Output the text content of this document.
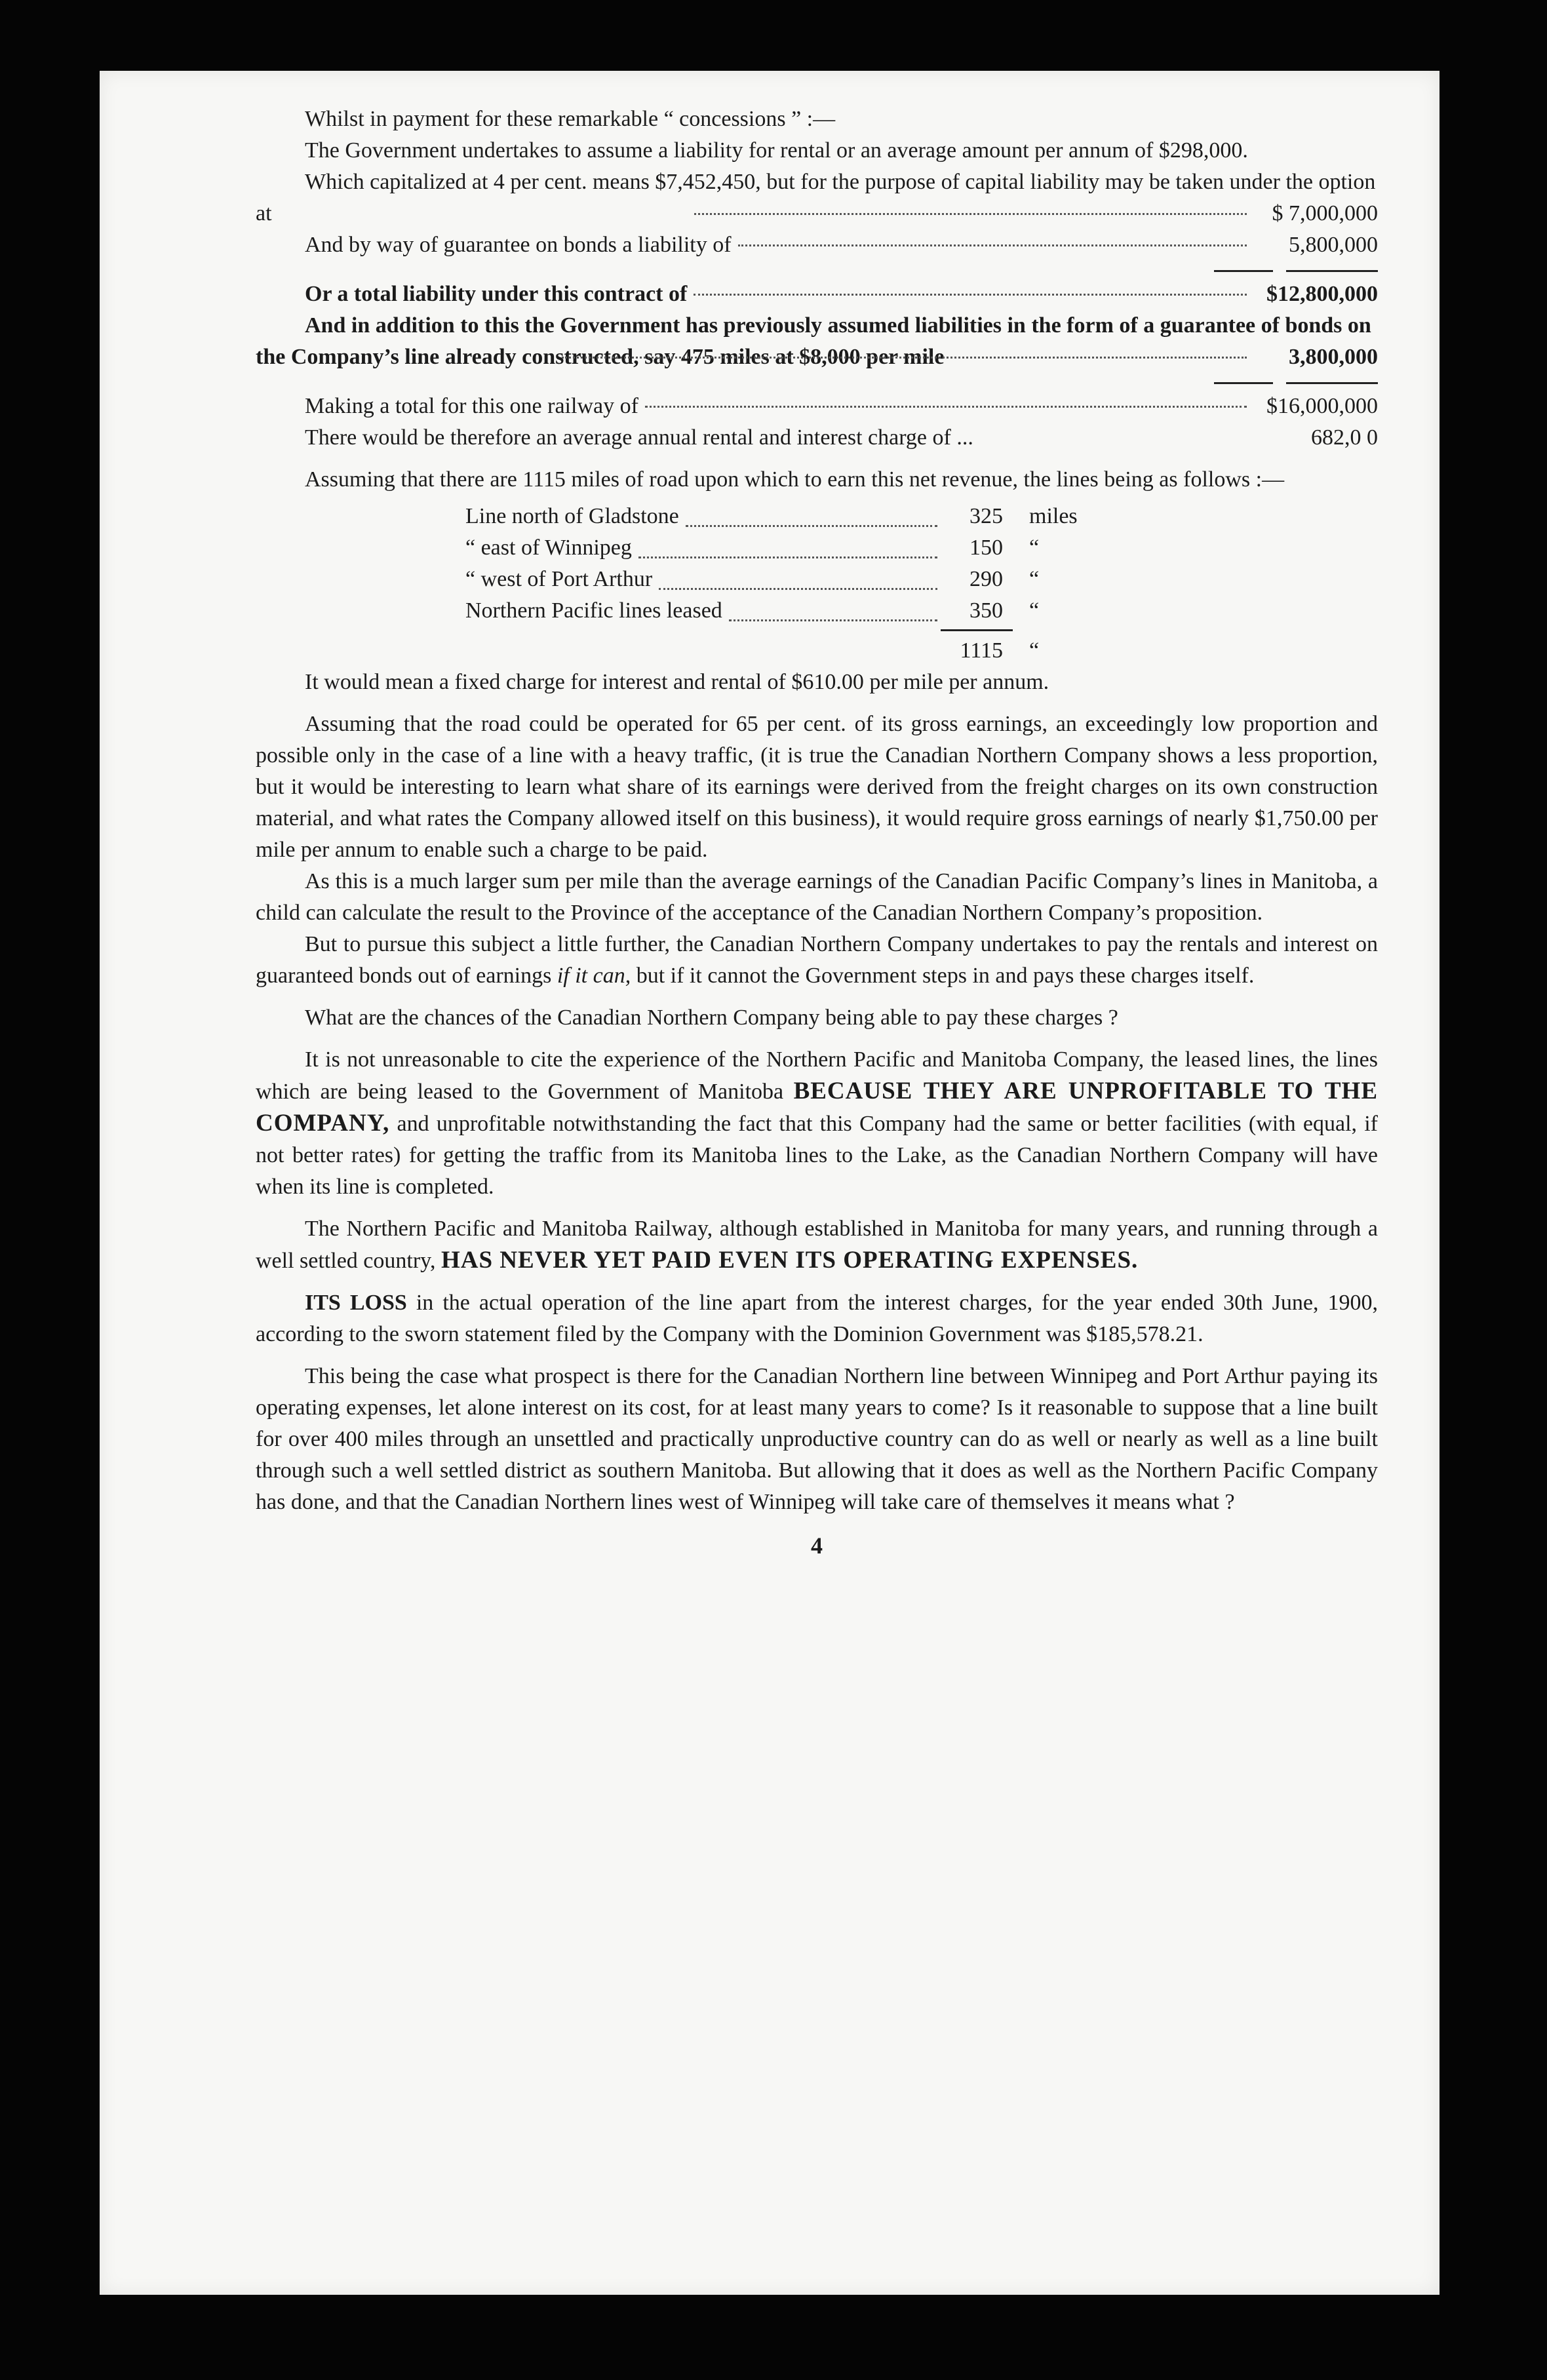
Whilst in payment for these remarkable “ concessions ” :—

The Government undertakes to assume a liability for rental or an average amount per annum of $298,000.

Which capitalized at 4 per cent. means $7,452,450, but for the purpose of capital liability may be taken under the option at	$ 7,000,000
And by way of guarantee on bonds a liability of	5,800,000
Or a total liability under this contract of	$12,800,000

And in addition to this the Government has previously assumed liabilities in the form of a guarantee of bonds on the Company’s line already constructed, say 475 miles at $8,000 per mile	3,800,000
Making a total for this one railway of	$16,000,000
There would be therefore an average annual rental and interest charge of ...	682,0 0

Assuming that there are 1115 miles of road upon which to earn this net revenue, the lines being as follows :—

Line north of Gladstone	325	miles
“ east of Winnipeg	150	“
“ west of Port Arthur	290	“
Northern Pacific lines leased	350	“
1115	“

It would mean a fixed charge for interest and rental of $610.00 per mile per annum.

Assuming that the road could be operated for 65 per cent. of its gross earnings, an exceedingly low proportion and possible only in the case of a line with a heavy traffic, (it is true the Canadian Northern Company shows a less proportion, but it would be interesting to learn what share of its earnings were derived from the freight charges on its own construction material, and what rates the Company allowed itself on this business), it would require gross earnings of nearly $1,750.00 per mile per annum to enable such a charge to be paid.

As this is a much larger sum per mile than the average earnings of the Canadian Pacific Company’s lines in Manitoba, a child can calculate the result to the Province of the acceptance of the Canadian Northern Company’s proposition.

But to pursue this subject a little further, the Canadian Northern Company undertakes to pay the rentals and interest on guaranteed bonds out of earnings if it can, but if it cannot the Government steps in and pays these charges itself.

What are the chances of the Canadian Northern Company being able to pay these charges ?

It is not unreasonable to cite the experience of the Northern Pacific and Manitoba Company, the leased lines, the lines which are being leased to the Government of Manitoba BECAUSE THEY ARE UNPROFITABLE TO THE COMPANY, and unprofitable notwithstanding the fact that this Company had the same or better facilities (with equal, if not better rates) for getting the traffic from its Manitoba lines to the Lake, as the Canadian Northern Company will have when its line is completed.

The Northern Pacific and Manitoba Railway, although established in Manitoba for many years, and running through a well settled country, HAS NEVER YET PAID EVEN ITS OPERATING EXPENSES.

ITS LOSS in the actual operation of the line apart from the interest charges, for the year ended 30th June, 1900, according to the sworn statement filed by the Company with the Dominion Government was $185,578.21.

This being the case what prospect is there for the Canadian Northern line between Winnipeg and Port Arthur paying its operating expenses, let alone interest on its cost, for at least many years to come? Is it reasonable to suppose that a line built for over 400 miles through an unsettled and practically unproductive country can do as well or nearly as well as a line built through such a well settled district as southern Manitoba. But allowing that it does as well as the Northern Pacific Company has done, and that the Canadian Northern lines west of Winnipeg will take care of themselves it means what ?

4
